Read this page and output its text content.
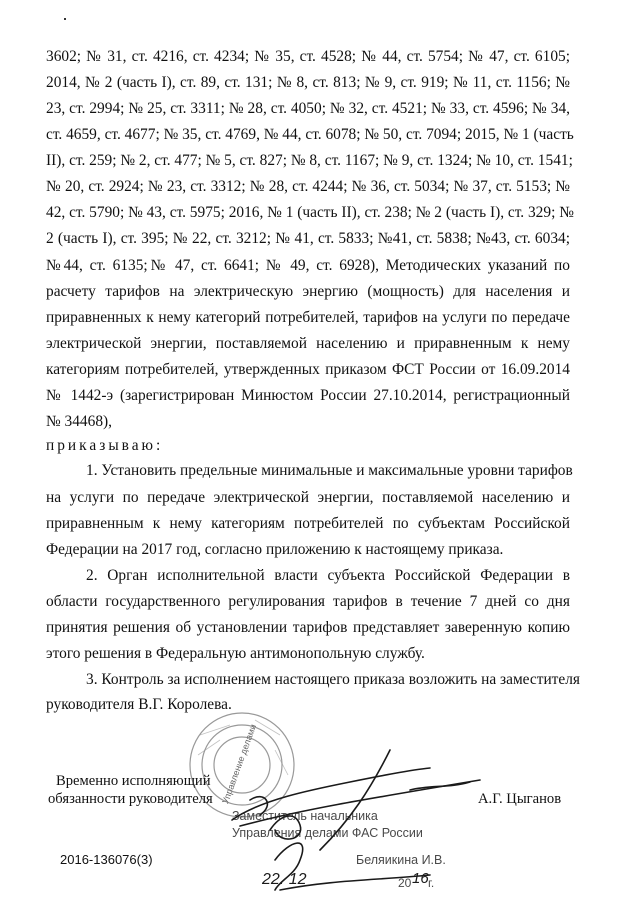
3602; № 31, ст. 4216, ст. 4234; № 35, ст. 4528; № 44, ст. 5754; № 47, ст. 6105;
2014, № 2 (часть I), ст. 89, ст. 131; № 8, ст. 813; № 9, ст. 919; № 11, ст. 1156; №
23, ст. 2994; № 25, ст. 3311; № 28, ст. 4050; № 32, ст. 4521; № 33, ст. 4596; № 34,
ст. 4659, ст. 4677; № 35, ст. 4769, № 44, ст. 6078; № 50, ст. 7094; 2015, № 1 (часть
II), ст. 259; № 2, ст. 477; № 5, ст. 827; № 8, ст. 1167; № 9, ст. 1324; № 10, ст. 1541;
№ 20, ст. 2924; № 23, ст. 3312; № 28, ст. 4244; № 36, ст. 5034; № 37, ст. 5153; №
42, ст. 5790; № 43, ст. 5975; 2016, № 1 (часть II), ст. 238; № 2 (часть I), ст. 329; №
2 (часть I), ст. 395; № 22, ст. 3212; № 41, ст. 5833; №41, ст. 5838; №43, ст. 6034;
№44, ст. 6135;№ 47, ст. 6641; № 49, ст. 6928), Методических указаний по
расчету тарифов на электрическую энергию (мощность) для населения и
приравненных к нему категорий потребителей, тарифов на услуги по передаче
электрической энергии, поставляемой населению и приравненным к нему
категориям потребителей, утвержденных приказом ФСТ России от 16.09.2014
№ 1442-э (зарегистрирован Минюстом России 27.10.2014, регистрационный
№ 34468),
приказываю:
1. Установить предельные минимальные и максимальные уровни тарифов
на услуги по передаче электрической энергии, поставляемой населению и
приравненным к нему категориям потребителей по субъектам Российской
Федерации на 2017 год, согласно приложению к настоящему приказа.
2. Орган исполнительной власти субъекта Российской Федерации в
области государственного регулирования тарифов в течение 7 дней со дня
принятия решения об установлении тарифов представляет заверенную копию
этого решения в Федеральную антимонопольную службу.
3. Контроль за исполнением настоящего приказа возложить на заместителя
руководителя В.Г. Королева.
Управление делами
Временно исполняющий
обязанности руководителя	А.Г. Цыганов
Заместитель начальника
Управления делами ФАС России
Беляикина И.В.
22. 12	20 16 г.
2016-136076(3)
